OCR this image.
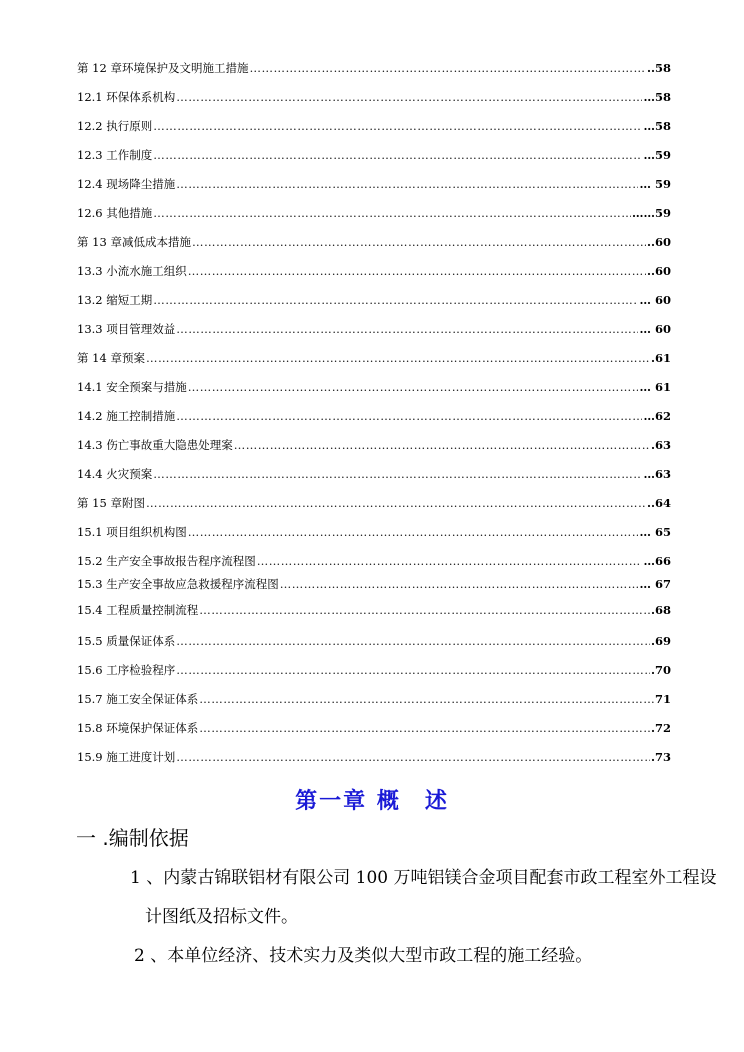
第 12 章环境保护及文明施工措施 ………………………………………………………………………………………………………………………………………………………………………………………………………………	..58
12.1 环保体系机构 ………………………………………………………………………………………………………………………………………………………………………………………………………………	…58
12.2 执行原则 ………………………………………………………………………………………………………………………………………………………………………………………………………………	…58
12.3 工作制度 ………………………………………………………………………………………………………………………………………………………………………………………………………………	…59
12.4 现场降尘措施 ………………………………………………………………………………………………………………………………………………………………………………………………………………	… 59
12.6 其他措施 ………………………………………………………………………………………………………………………………………………………………………………………………………………	……59
第 13 章减低成本措施 ………………………………………………………………………………………………………………………………………………………………………………………………………………	..60
13.3 小流水施工组织 ………………………………………………………………………………………………………………………………………………………………………………………………………………	..60
13.2 缩短工期 ………………………………………………………………………………………………………………………………………………………………………………………………………………	… 60
13.3 项目管理效益 ………………………………………………………………………………………………………………………………………………………………………………………………………………	… 60
第 14 章预案 ………………………………………………………………………………………………………………………………………………………………………………………………………………	.61
14.1 安全预案与措施 ………………………………………………………………………………………………………………………………………………………………………………………………………………	… 61
14.2 施工控制措施 ………………………………………………………………………………………………………………………………………………………………………………………………………………	…62
14.3 伤亡事故重大隐患处理案 ………………………………………………………………………………………………………………………………………………………………………………………………………………	.63
14.4 火灾预案 ………………………………………………………………………………………………………………………………………………………………………………………………………………	…63
第 15 章附图 ………………………………………………………………………………………………………………………………………………………………………………………………………………	..64
15.1 项目组织机构图 ………………………………………………………………………………………………………………………………………………………………………………………………………………	… 65
15.2 生产安全事故报告程序流程图 ………………………………………………………………………………………………………………………………………………………………………………………………………………	…66
15.3 生产安全事故应急救援程序流程图 ………………………………………………………………………………………………………………………………………………………………………………………………………………	… 67
15.4 工程质量控制流程 ………………………………………………………………………………………………………………………………………………………………………………………………………………	.68
15.5 质量保证体系 ………………………………………………………………………………………………………………………………………………………………………………………………………………	.69
15.6 工序检验程序 ………………………………………………………………………………………………………………………………………………………………………………………………………………	.70
15.7 施工安全保证体系 ………………………………………………………………………………………………………………………………………………………………………………………………………………	71
15.8 环境保护保证体系 ………………………………………………………………………………………………………………………………………………………………………………………………………………	.72
15.9 施工进度计划 ………………………………………………………………………………………………………………………………………………………………………………………………………………	.73
第一章 概　述
一 .编制依据

1 、内蒙古锦联铝材有限公司 100 万吨铝镁合金项目配套市政工程室外工程设

计图纸及招标文件。

2 、本单位经济、技术实力及类似大型市政工程的施工经验。
